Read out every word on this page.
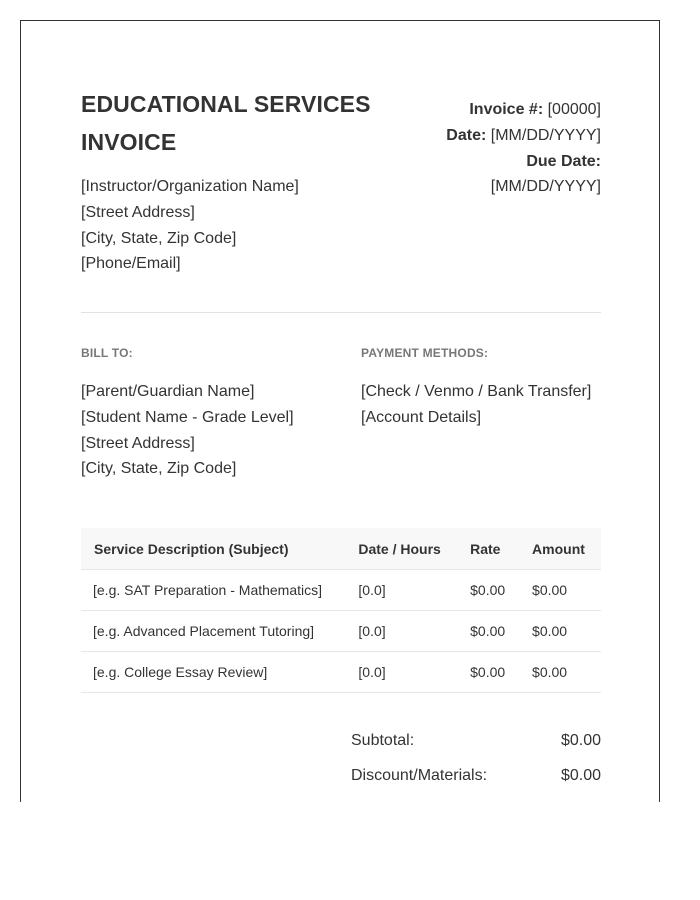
EDUCATIONAL SERVICES
INVOICE
[Instructor/Organization Name]
[Street Address]
[City, State, Zip Code]
[Phone/Email]
Invoice #: [00000]
Date: [MM/DD/YYYY]
Due Date:
[MM/DD/YYYY]
BILL TO:	PAYMENT METHODS:
[Parent/Guardian Name]
[Student Name - Grade Level]
[Street Address]
[City, State, Zip Code]
[Check / Venmo / Bank Transfer]
[Account Details]
Service Description (Subject)	Date / Hours	Rate	Amount
[e.g. SAT Preparation - Mathematics]	[0.0]	$0.00	$0.00
[e.g. Advanced Placement Tutoring]	[0.0]	$0.00	$0.00
[e.g. College Essay Review]	[0.0]	$0.00	$0.00
Subtotal:	$0.00
Discount/Materials:	$0.00
